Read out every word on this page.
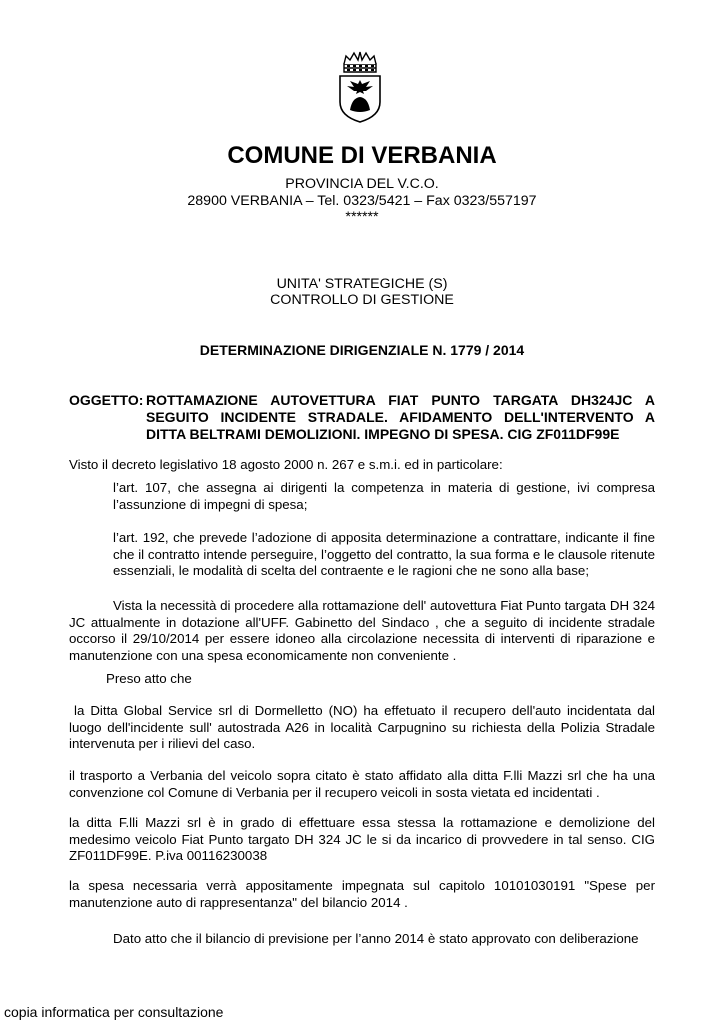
COMUNE DI VERBANIA
PROVINCIA DEL V.C.O.
28900 VERBANIA – Tel. 0323/5421 – Fax 0323/557197
******
UNITA' STRATEGICHE (S)
CONTROLLO DI GESTIONE
DETERMINAZIONE DIRIGENZIALE N. 1779 / 2014
OGGETTO: ROTTAMAZIONE AUTOVETTURA FIAT PUNTO TARGATA DH324JC A SEGUITO INCIDENTE STRADALE. AFIDAMENTO DELL'INTERVENTO A DITTA BELTRAMI DEMOLIZIONI. IMPEGNO DI SPESA. CIG ZF011DF99E

Visto il decreto legislativo 18 agosto 2000 n. 267 e s.m.i. ed in particolare:

l’art. 107, che assegna ai dirigenti la competenza in materia di gestione, ivi compresa l’assunzione di impegni di spesa;

l’art. 192, che prevede l’adozione di apposita determinazione a contrattare, indicante il fine che il contratto intende perseguire, l’oggetto del contratto, la sua forma e le clausole ritenute essenziali, le modalità di scelta del contraente e le ragioni che ne sono alla base;

Vista la necessità di procedere alla rottamazione dell' autovettura Fiat Punto targata DH 324 JC attualmente in dotazione all'UFF. Gabinetto del Sindaco , che a seguito di incidente stradale occorso il 29/10/2014 per essere idoneo alla circolazione necessita di interventi di riparazione e manutenzione con una spesa economicamente non conveniente .

Preso atto che

la Ditta Global Service srl di Dormelletto (NO) ha effetuato il recupero dell'auto incidentata dal luogo dell'incidente sull' autostrada A26 in località Carpugnino su richiesta della Polizia Stradale intervenuta per i rilievi del caso.

il trasporto a Verbania del veicolo sopra citato è stato affidato alla ditta F.lli Mazzi srl che ha una convenzione col Comune di Verbania per il recupero veicoli in sosta vietata ed incidentati .

la ditta F.lli Mazzi srl è in grado di effettuare essa stessa la rottamazione e demolizione del medesimo veicolo Fiat Punto targato DH 324 JC le si da incarico di provvedere in tal senso. CIG ZF011DF99E. P.iva 00116230038

la spesa necessaria verrà appositamente impegnata sul capitolo 10101030191 "Spese per manutenzione auto di rappresentanza" del bilancio 2014 .

Dato atto che il bilancio di previsione per l’anno 2014 è stato approvato con deliberazione

copia informatica per consultazione
